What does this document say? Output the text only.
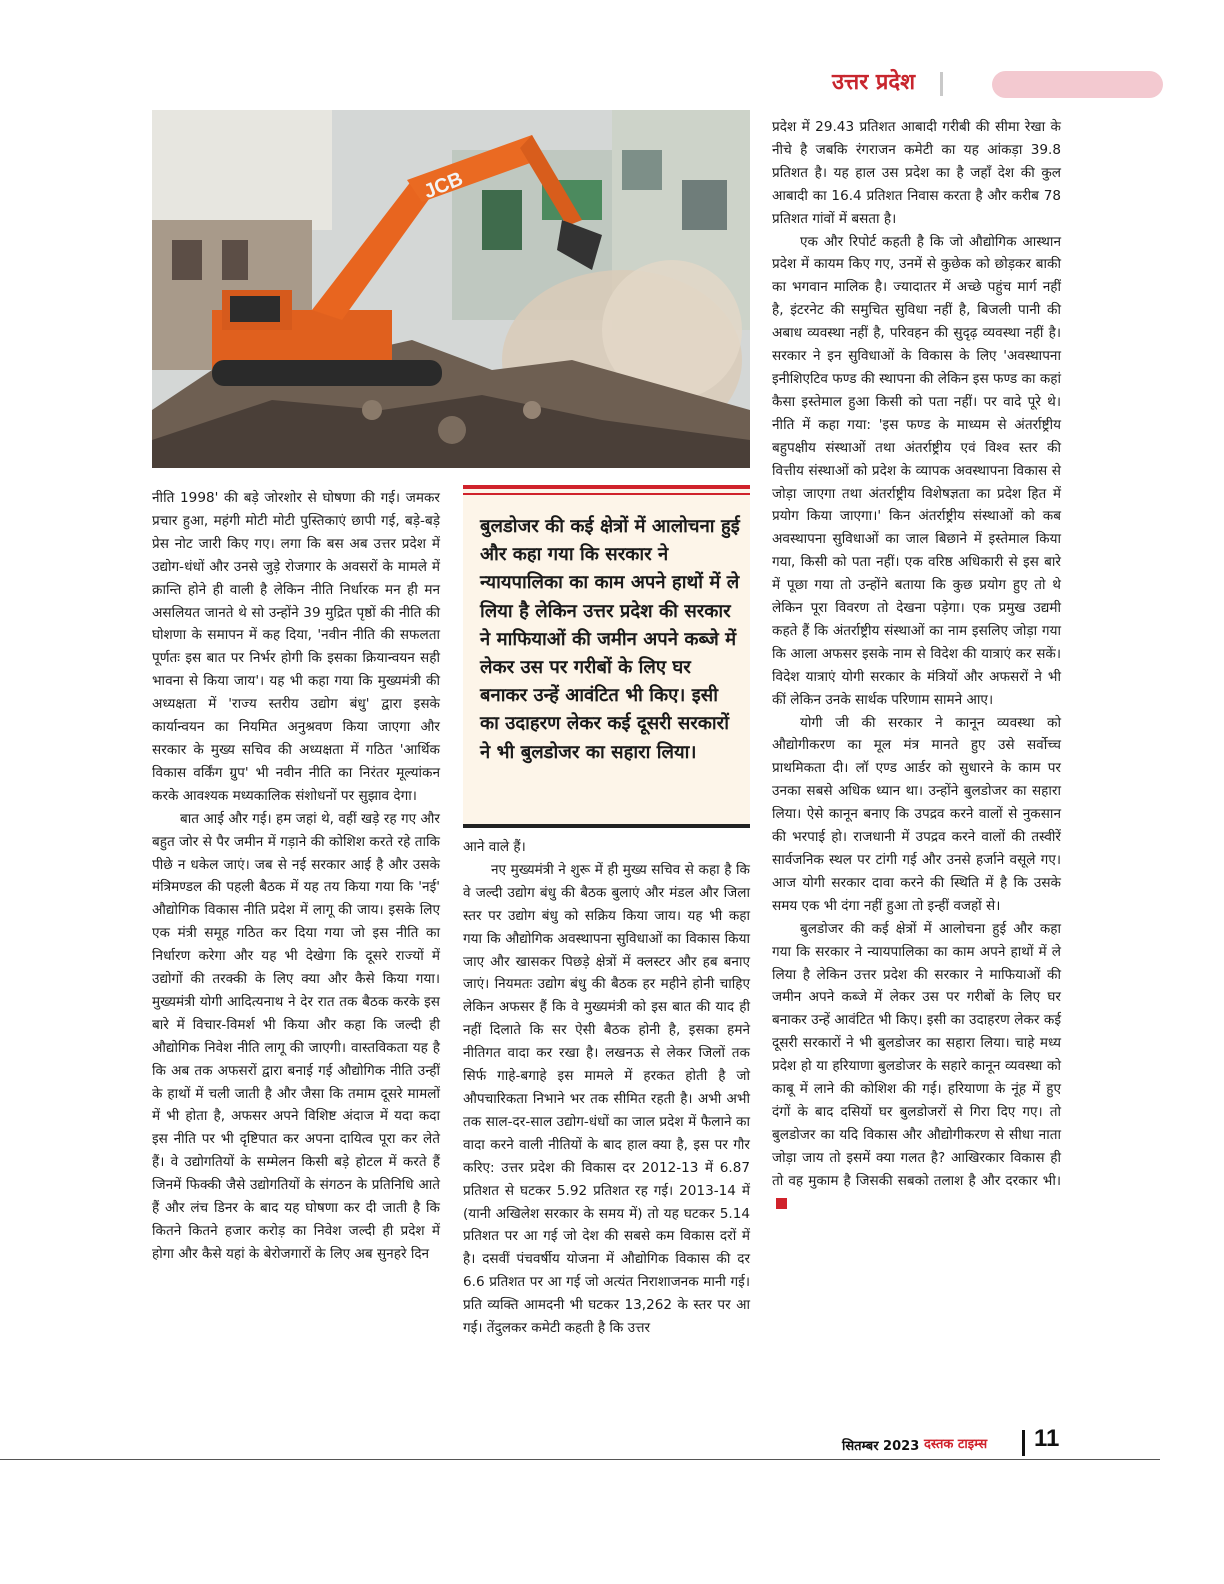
उत्तर प्रदेश
JCB

नीति 1998' की बड़े जोरशोर से घोषणा की गई। जमकर प्रचार हुआ, महंगी मोटी मोटी पुस्तिकाएं छापी गई, बड़े-बड़े प्रेस नोट जारी किए गए। लगा कि बस अब उत्तर प्रदेश में उद्योग-धंधों और उनसे जुड़े रोजगार के अवसरों के मामले में क्रान्ति होने ही वाली है लेकिन नीति निर्धारक मन ही मन असलियत जानते थे सो उन्होंने 39 मुद्रित पृष्ठों की नीति की घोशणा के समापन में कह दिया, 'नवीन नीति की सफलता पूर्णतः इस बात पर निर्भर होगी कि इसका क्रियान्वयन सही भावना से किया जाय'। यह भी कहा गया कि मुख्यमंत्री की अध्यक्षता में 'राज्य स्तरीय उद्योग बंधु' द्वारा इसके कार्यान्वयन का नियमित अनुश्रवण किया जाएगा और सरकार के मुख्य सचिव की अध्यक्षता में गठित 'आर्थिक विकास वर्किंग ग्रुप' भी नवीन नीति का निरंतर मूल्यांकन करके आवश्यक मध्यकालिक संशोधनों पर सुझाव देगा।

बात आई और गई। हम जहां थे, वहीं खड़े रह गए और बहुत जोर से पैर जमीन में गड़ाने की कोशिश करते रहे ताकि पीछे न धकेल जाएं। जब से नई सरकार आई है और उसके मंत्रिमण्डल की पहली बैठक में यह तय किया गया कि 'नई' औद्योगिक विकास नीति प्रदेश में लागू की जाय। इसके लिए एक मंत्री समूह गठित कर दिया गया जो इस नीति का निर्धारण करेगा और यह भी देखेगा कि दूसरे राज्यों में उद्योगों की तरक्की के लिए क्या और कैसे किया गया। मुख्यमंत्री योगी आदित्यनाथ ने देर रात तक बैठक करके इस बारे में विचार-विमर्श भी किया और कहा कि जल्दी ही औद्योगिक निवेश नीति लागू की जाएगी। वास्तविकता यह है कि अब तक अफसरों द्वारा बनाई गई औद्योगिक नीति उन्हीं के हाथों में चली जाती है और जैसा कि तमाम दूसरे मामलों में भी होता है, अफसर अपने विशिष्ट अंदाज में यदा कदा इस नीति पर भी दृष्टिपात कर अपना दायित्व पूरा कर लेते हैं। वे उद्योगतियों के सम्मेलन किसी बड़े होटल में करते हैं जिनमें फिक्की जैसे उद्योगतियों के संगठन के प्रतिनिधि आते हैं और लंच डिनर के बाद यह घोषणा कर दी जाती है कि कितने कितने हजार करोड़ का निवेश जल्दी ही प्रदेश में होगा और कैसे यहां के बेरोजगारों के लिए अब सुनहरे दिन

बुलडोजर की कई क्षेत्रों में आलोचना हुई और कहा गया कि सरकार ने न्यायपालिका का काम अपने हाथों में ले लिया है लेकिन उत्तर प्रदेश की सरकार ने माफियाओं की जमीन अपने कब्जे में लेकर उस पर गरीबों के लिए घर बनाकर उन्हें आवंटित भी किए। इसी का उदाहरण लेकर कई दूसरी सरकारों ने भी बुलडोजर का सहारा लिया।

आने वाले हैं।

नए मुख्यमंत्री ने शुरू में ही मुख्य सचिव से कहा है कि वे जल्दी उद्योग बंधु की बैठक बुलाएं और मंडल और जिला स्तर पर उद्योग बंधु को सक्रिय किया जाय। यह भी कहा गया कि औद्योगिक अवस्थापना सुविधाओं का विकास किया जाए और खासकर पिछड़े क्षेत्रों में क्लस्टर और हब बनाए जाएं। नियमतः उद्योग बंधु की बैठक हर महीने होनी चाहिए लेकिन अफसर हैं कि वे मुख्यमंत्री को इस बात की याद ही नहीं दिलाते कि सर ऐसी बैठक होनी है, इसका हमने नीतिगत वादा कर रखा है। लखनऊ से लेकर जिलों तक सिर्फ गाहे-बगाहे इस मामले में हरकत होती है जो औपचारिकता निभाने भर तक सीमित रहती है। अभी अभी तक साल-दर-साल उद्योग-धंधों का जाल प्रदेश में फैलाने का वादा करने वाली नीतियों के बाद हाल क्या है, इस पर गौर करिए: उत्तर प्रदेश की विकास दर 2012-13 में 6.87 प्रतिशत से घटकर 5.92 प्रतिशत रह गई। 2013-14 में (यानी अखिलेश सरकार के समय में) तो यह घटकर 5.14 प्रतिशत पर आ गई जो देश की सबसे कम विकास दरों में है। दसवीं पंचवर्षीय योजना में औद्योगिक विकास की दर 6.6 प्रतिशत पर आ गई जो अत्यंत निराशाजनक मानी गई। प्रति व्यक्ति आमदनी भी घटकर 13,262 के स्तर पर आ गई। तेंदुलकर कमेटी कहती है कि उत्तर

प्रदेश में 29.43 प्रतिशत आबादी गरीबी की सीमा रेखा के नीचे है जबकि रंगराजन कमेटी का यह आंकड़ा 39.8 प्रतिशत है। यह हाल उस प्रदेश का है जहाँ देश की कुल आबादी का 16.4 प्रतिशत निवास करता है और करीब 78 प्रतिशत गांवों में बसता है।

एक और रिपोर्ट कहती है कि जो औद्योगिक आस्थान प्रदेश में कायम किए गए, उनमें से कुछेक को छोड़कर बाकी का भगवान मालिक है। ज्यादातर में अच्छे पहुंच मार्ग नहीं है, इंटरनेट की समुचित सुविधा नहीं है, बिजली पानी की अबाध व्यवस्था नहीं है, परिवहन की सुदृढ़ व्यवस्था नहीं है। सरकार ने इन सुविधाओं के विकास के लिए 'अवस्थापना इनीशिएटिव फण्ड की स्थापना की लेकिन इस फण्ड का कहां कैसा इस्तेमाल हुआ किसी को पता नहीं। पर वादे पूरे थे। नीति में कहा गया: 'इस फण्ड के माध्यम से अंतर्राष्ट्रीय बहुपक्षीय संस्थाओं तथा अंतर्राष्ट्रीय एवं विश्व स्तर की वित्तीय संस्थाओं को प्रदेश के व्यापक अवस्थापना विकास से जोड़ा जाएगा तथा अंतर्राष्ट्रीय विशेषज्ञता का प्रदेश हित में प्रयोग किया जाएगा।' किन अंतर्राष्ट्रीय संस्थाओं को कब अवस्थापना सुविधाओं का जाल बिछाने में इस्तेमाल किया गया, किसी को पता नहीं। एक वरिष्ठ अधिकारी से इस बारे में पूछा गया तो उन्होंने बताया कि कुछ प्रयोग हुए तो थे लेकिन पूरा विवरण तो देखना पड़ेगा। एक प्रमुख उद्यमी कहते हैं कि अंतर्राष्ट्रीय संस्थाओं का नाम इसलिए जोड़ा गया कि आला अफसर इसके नाम से विदेश की यात्राएं कर सकें। विदेश यात्राएं योगी सरकार के मंत्रियों और अफसरों ने भी कीं लेकिन उनके सार्थक परिणाम सामने आए।

योगी जी की सरकार ने कानून व्यवस्था को औद्योगीकरण का मूल मंत्र मानते हुए उसे सर्वोच्च प्राथमिकता दी। लॉ एण्ड आर्डर को सुधारने के काम पर उनका सबसे अधिक ध्यान था। उन्होंने बुलडोजर का सहारा लिया। ऐसे कानून बनाए कि उपद्रव करने वालों से नुकसान की भरपाई हो। राजधानी में उपद्रव करने वालों की तस्वीरें सार्वजनिक स्थल पर टांगी गई और उनसे हर्जाने वसूले गए। आज योगी सरकार दावा करने की स्थिति में है कि उसके समय एक भी दंगा नहीं हुआ तो इन्हीं वजहों से।

बुलडोजर की कई क्षेत्रों में आलोचना हुई और कहा गया कि सरकार ने न्यायपालिका का काम अपने हाथों में ले लिया है लेकिन उत्तर प्रदेश की सरकार ने माफियाओं की जमीन अपने कब्जे में लेकर उस पर गरीबों के लिए घर बनाकर उन्हें आवंटित भी किए। इसी का उदाहरण लेकर कई दूसरी सरकारों ने भी बुलडोजर का सहारा लिया। चाहे मध्य प्रदेश हो या हरियाणा बुलडोजर के सहारे कानून व्यवस्था को काबू में लाने की कोशिश की गई। हरियाणा के नूंह में हुए दंगों के बाद दसियों घर बुलडोजरों से गिरा दिए गए। तो बुलडोजर का यदि विकास और औद्योगीकरण से सीधा नाता जोड़ा जाय तो इसमें क्या गलत है? आखिरकार विकास ही तो वह मुकाम है जिसकी सबको तलाश है और दरकार भी।

सितम्बर 2023 दस्तक टाइम्स 11
